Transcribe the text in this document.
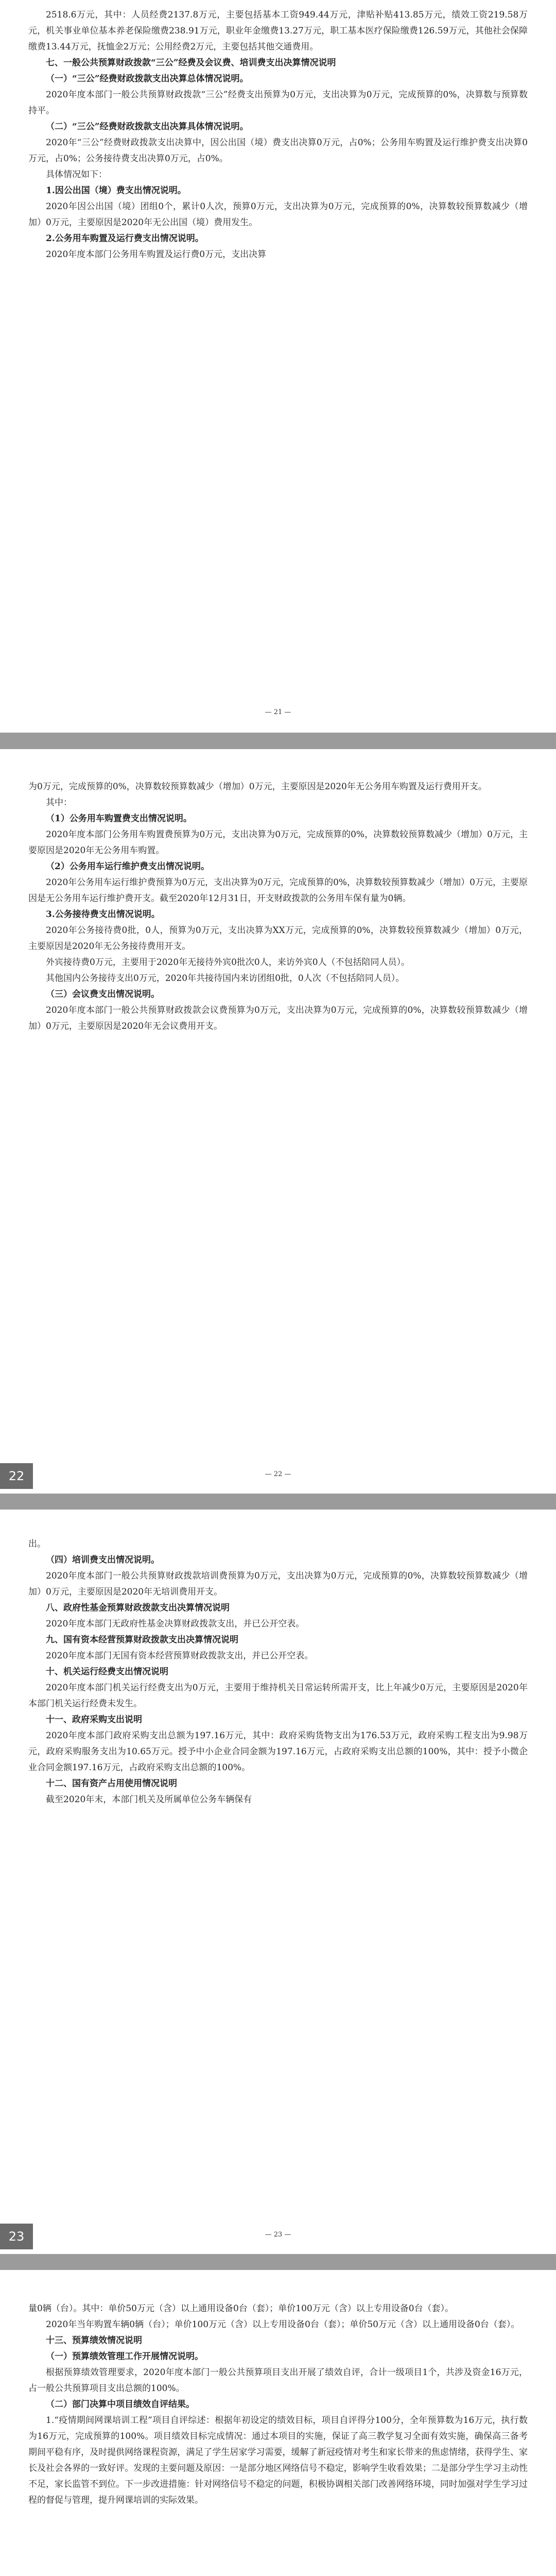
2518.6万元，其中：人员经费2137.8万元，主要包括基本工资949.44万元，津贴补贴413.85万元，绩效工资219.58万元，机关事业单位基本养老保险缴费238.91万元，职业年金缴费13.27万元，职工基本医疗保险缴费126.59万元，其他社会保障缴费13.44万元，抚恤金2万元；公用经费2万元，主要包括其他交通费用。

七、一般公共预算财政拨款“三公”经费及会议费、培训费支出决算情况说明

（一）“三公”经费财政拨款支出决算总体情况说明。

2020年度本部门一般公共预算财政拨款“三公”经费支出预算为0万元，支出决算为0万元，完成预算的0%，决算数与预算数持平。

（二）“三公”经费财政拨款支出决算具体情况说明。

2020年“三公”经费财政拨款支出决算中，因公出国（境）费支出决算0万元，占0%；公务用车购置及运行维护费支出决算0万元，占0%；公务接待费支出决算0万元，占0%。

具体情况如下：

1.因公出国（境）费支出情况说明。

2020年因公出国（境）团组0个，累计0人次，预算0万元，支出决算为0万元，完成预算的0%，决算数较预算数减少（增加）0万元，主要原因是2020年无公出国（境）费用发生。

2.公务用车购置及运行费支出情况说明。

2020年度本部门公务用车购置及运行费0万元，支出决算

— 21 —

为0万元，完成预算的0%，决算数较预算数减少（增加）0万元，主要原因是2020年无公务用车购置及运行费用开支。

其中：

（1）公务用车购置费支出情况说明。

2020年度本部门公务用车购置费预算为0万元，支出决算为0万元，完成预算的0%，决算数较预算数减少（增加）0万元，主要原因是2020年无公务用车购置。

（2）公务用车运行维护费支出情况说明。

2020年公务用车运行维护费预算为0万元，支出决算为0万元，完成预算的0%，决算数较预算数减少（增加）0万元，主要原因是无公务用车运行维护费开支。截至2020年12月31日，开支财政拨款的公务用车保有量为0辆。

3.公务接待费支出情况说明。

2020年公务接待费0批，0人，预算为0万元，支出决算为XX万元，完成预算的0%，决算数较预算数减少（增加）0万元，主要原因是2020年无公务接待费用开支。

外宾接待费0万元，主要用于2020年无接待外宾0批次0人，来访外宾0人（不包括陪同人员）。

其他国内公务接待支出0万元，2020年共接待国内来访团组0批，0人次（不包括陪同人员）。

（三）会议费支出情况说明。

2020年度本部门一般公共预算财政拨款会议费预算为0万元，支出决算为0万元，完成预算的0%，决算数较预算数减少（增加）0万元，主要原因是2020年无会议费用开支。

— 22 —
22

出。

（四）培训费支出情况说明。

2020年度本部门一般公共预算财政拨款培训费预算为0万元，支出决算为0万元，完成预算的0%，决算数较预算数减少（增加）0万元，主要原因是2020年无培训费用开支。

八、政府性基金预算财政拨款支出决算情况说明

2020年度本部门无政府性基金决算财政拨款支出，并已公开空表。

九、国有资本经营预算财政拨款支出决算情况说明

2020年度本部门无国有资本经营预算财政拨款支出，并已公开空表。

十、机关运行经费支出情况说明

2020年度本部门机关运行经费支出为0万元，主要用于维持机关日常运转所需开支，比上年减少0万元，主要原因是2020年本部门机关运行经费未发生。

十一、政府采购支出说明

2020年度本部门政府采购支出总额为197.16万元，其中：政府采购货物支出为176.53万元，政府采购工程支出为9.98万元，政府采购服务支出为10.65万元。授予中小企业合同金额为197.16万元，占政府采购支出总额的100%，其中：授予小微企业合同金额197.16万元，占政府采购支出总额的100%。

十二、国有资产占用使用情况说明

截至2020年末，本部门机关及所属单位公务车辆保有

— 23 —
23

量0辆（台）。其中：单价50万元（含）以上通用设备0台（套）；单价100万元（含）以上专用设备0台（套）。

2020年当年购置车辆0辆（台）；单价100万元（含）以上专用设备0台（套）；单价50万元（含）以上通用设备0台（套）。

十三、预算绩效情况说明

（一）预算绩效管理工作开展情况说明。

根据预算绩效管理要求，2020年度本部门一般公共预算项目支出开展了绩效自评，合计一级项目1个，共涉及资金16万元，占一般公共预算项目支出总额的100%。

（二）部门决算中项目绩效自评结果。

1.“疫情期间网课培训工程”项目自评综述：根据年初设定的绩效目标，项目自评得分100分，全年预算数为16万元，执行数为16万元，完成预算的100%。项目绩效目标完成情况：通过本项目的实施，保证了高三教学复习全面有效实施，确保高三备考期间平稳有序，及时提供网络课程资源，满足了学生居家学习需要，缓解了新冠疫情对考生和家长带来的焦虑情绪，获得学生、家长及社会各界的一致好评。发现的主要问题及原因：一是部分地区网络信号不稳定，影响学生收看效果；二是部分学生学习主动性不足，家长监管不到位。下一步改进措施：针对网络信号不稳定的问题，积极协调相关部门改善网络环境，同时加强对学生学习过程的督促与管理，提升网课培训的实际效果。
